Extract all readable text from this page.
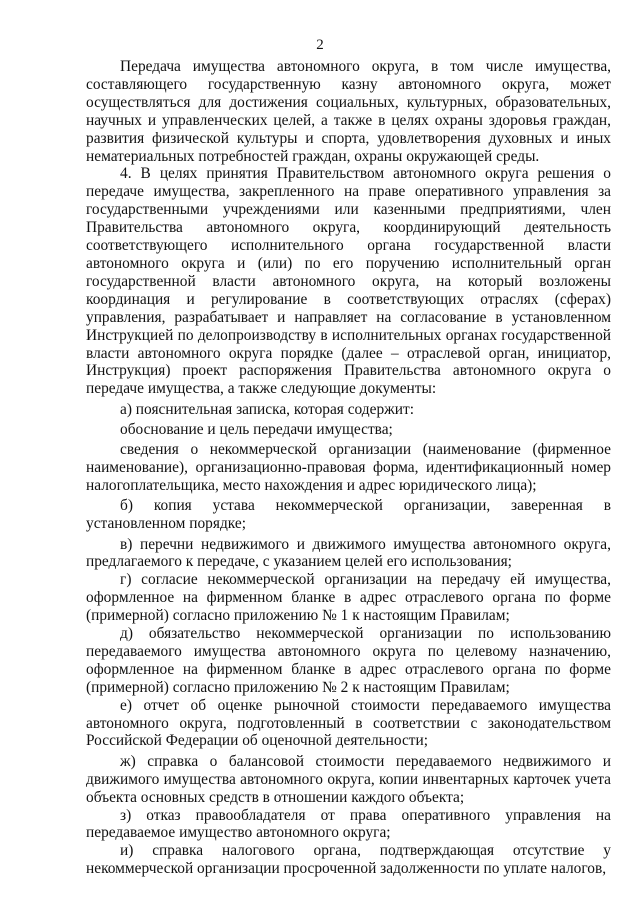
2

Передача имущества автономного округа, в том числе имущества, составляющего государственную казну автономного округа, может осуществляться для достижения социальных, культурных, образовательных, научных и управленческих целей, а также в целях охраны здоровья граждан, развития физической культуры и спорта, удовлетворения духовных и иных нематериальных потребностей граждан, охраны окружающей среды.

4. В целях принятия Правительством автономного округа решения о передаче имущества, закрепленного на праве оперативного управления за государственными учреждениями или казенными предприятиями, член Правительства автономного округа, координирующий деятельность соответствующего исполнительного органа государственной власти автономного округа и (или) по его поручению исполнительный орган государственной власти автономного округа, на который возложены координация и регулирование в соответствующих отраслях (сферах) управления, разрабатывает и направляет на согласование в установленном Инструкцией по делопроизводству в исполнительных органах государственной власти автономного округа порядке (далее – отраслевой орган, инициатор, Инструкция) проект распоряжения Правительства автономного округа о передаче имущества, а также следующие документы:

а) пояснительная записка, которая содержит:

обоснование и цель передачи имущества;

сведения о некоммерческой организации (наименование (фирменное наименование), организационно-правовая форма, идентификационный номер налогоплательщика, место нахождения и адрес юридического лица);

б) копия устава некоммерческой организации, заверенная в установленном порядке;

в) перечни недвижимого и движимого имущества автономного округа, предлагаемого к передаче, с указанием целей его использования;

г) согласие некоммерческой организации на передачу ей имущества, оформленное на фирменном бланке в адрес отраслевого органа по форме (примерной) согласно приложению № 1 к настоящим Правилам;

д) обязательство некоммерческой организации по использованию передаваемого имущества автономного округа по целевому назначению, оформленное на фирменном бланке в адрес отраслевого органа по форме (примерной) согласно приложению № 2 к настоящим Правилам;

е) отчет об оценке рыночной стоимости передаваемого имущества автономного округа, подготовленный в соответствии с законодательством Российской Федерации об оценочной деятельности;

ж) справка о балансовой стоимости передаваемого недвижимого и движимого имущества автономного округа, копии инвентарных карточек учета объекта основных средств в отношении каждого объекта;

з) отказ правообладателя от права оперативного управления на передаваемое имущество автономного округа;

и) справка налогового органа, подтверждающая отсутствие у некоммерческой организации просроченной задолженности по уплате налогов,
